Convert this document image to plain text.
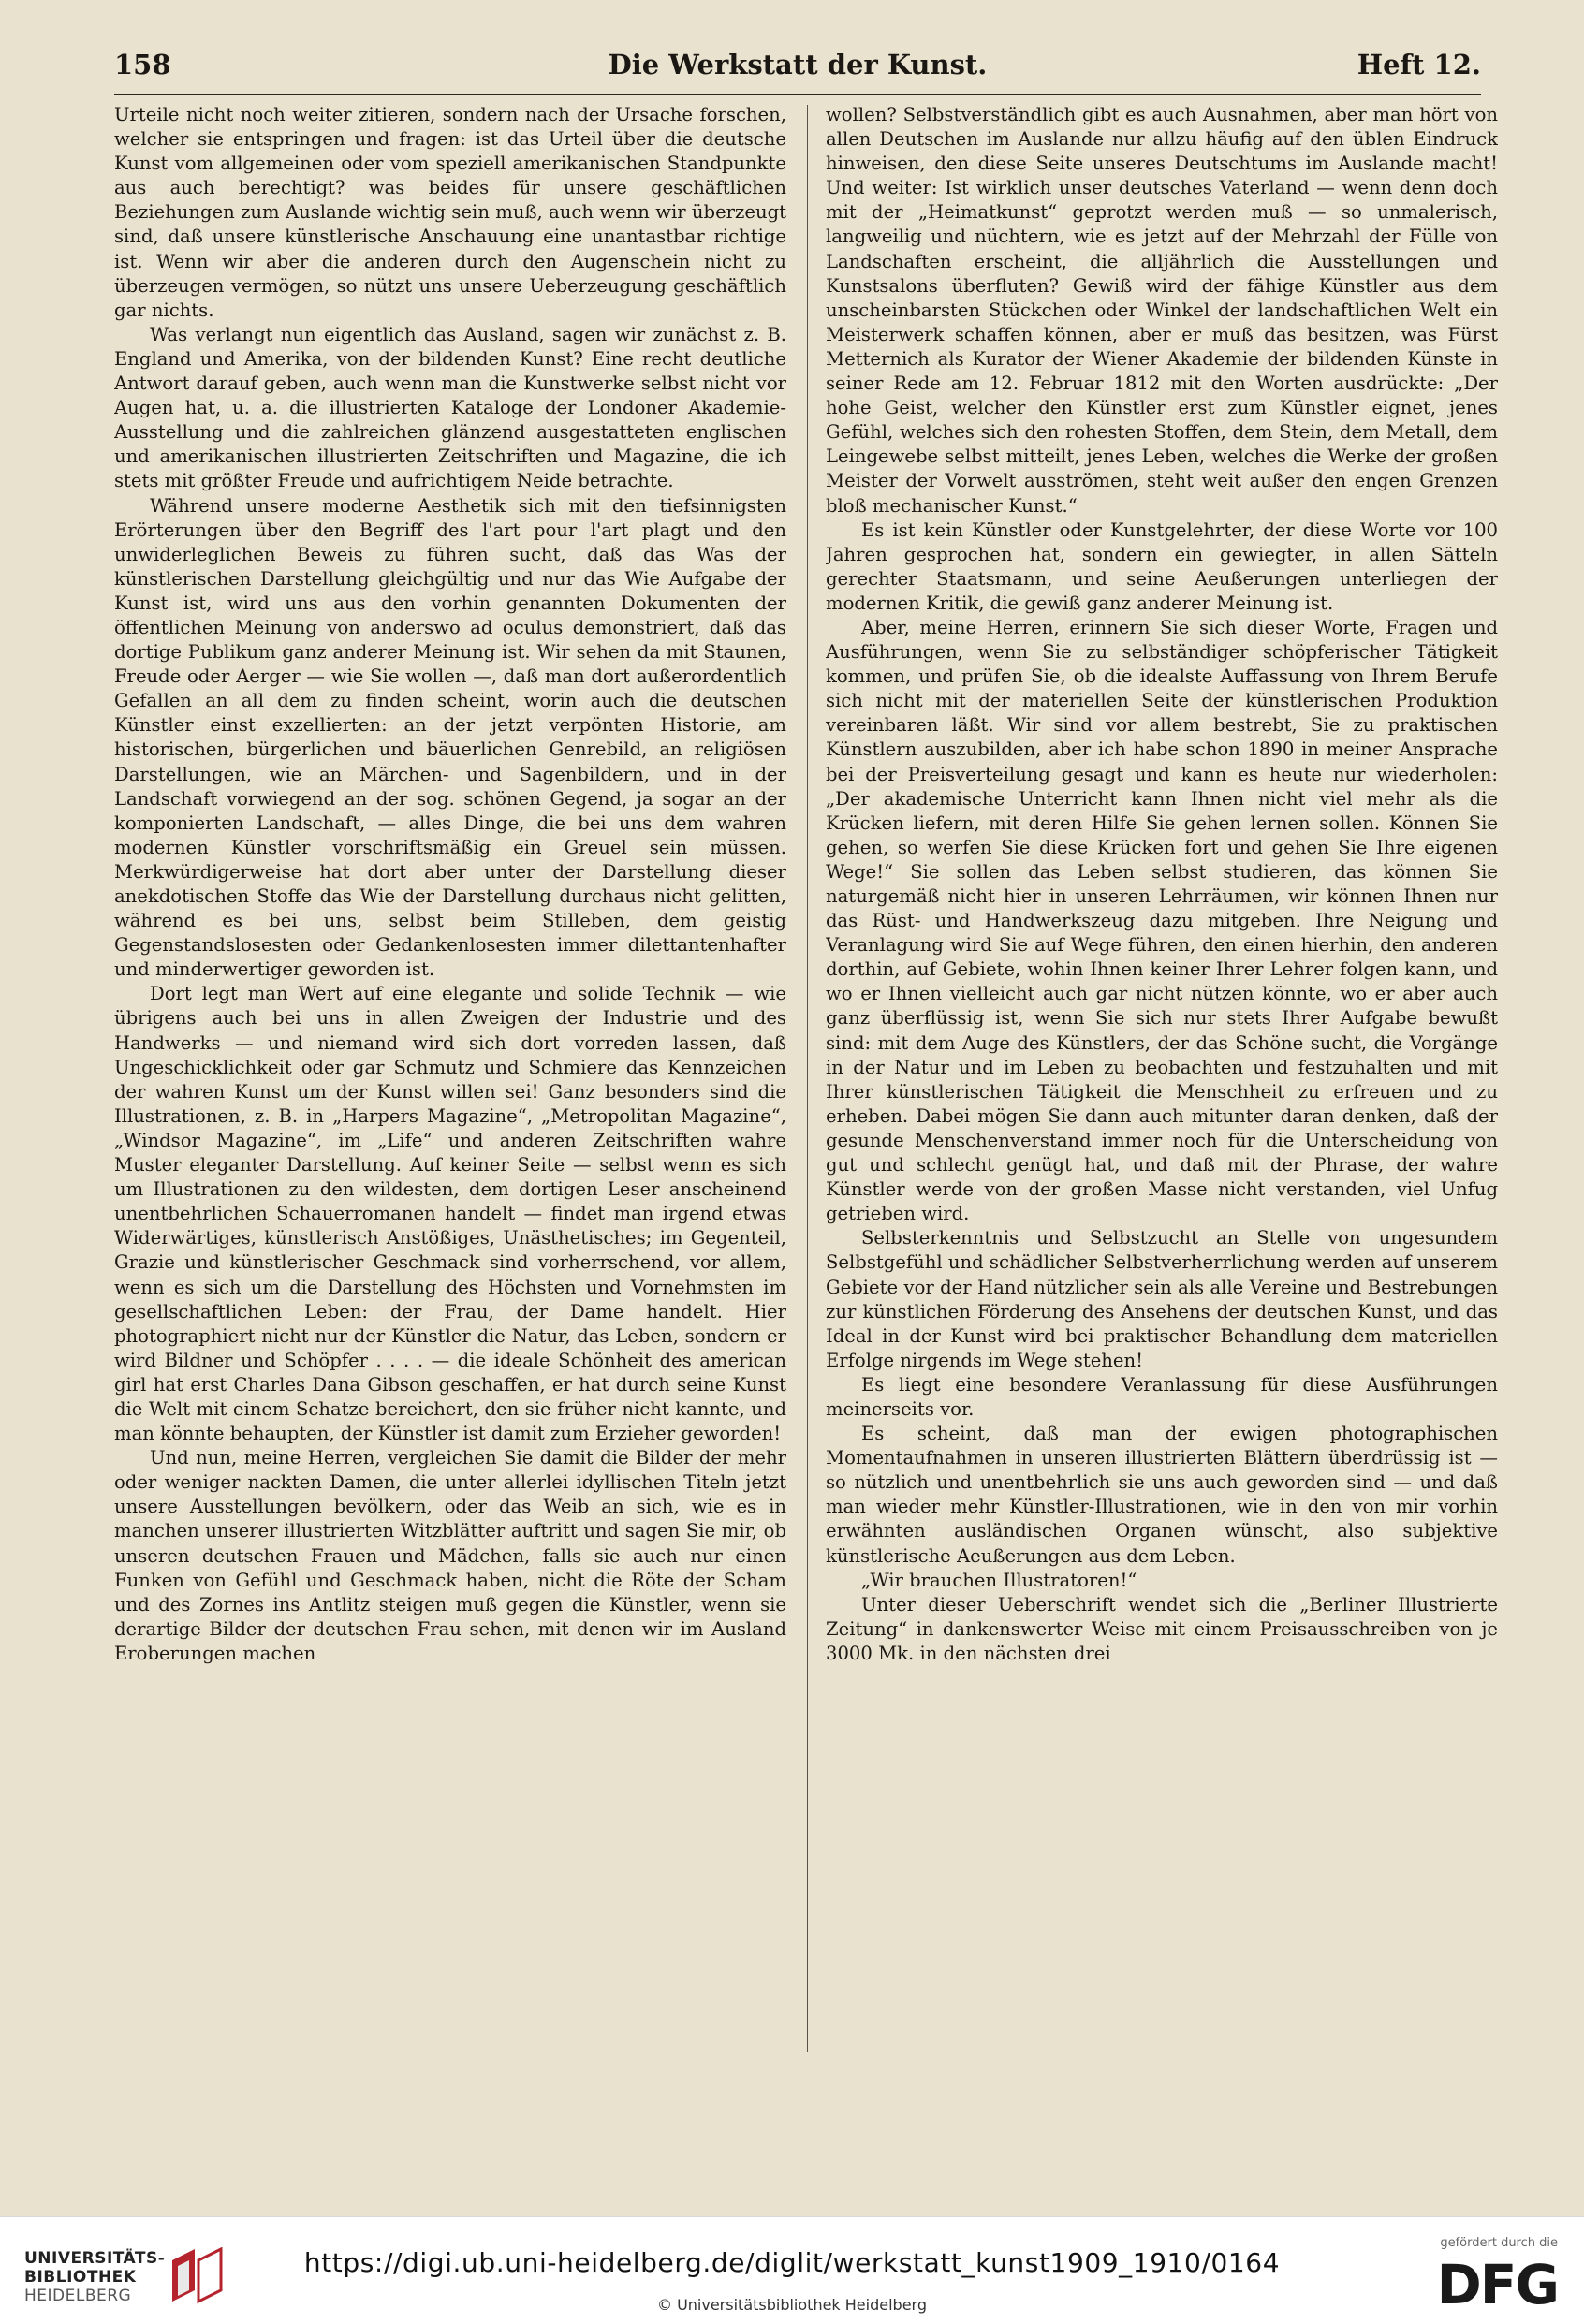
158	Die Werkstatt der Kunst.	Heft 12.

Urteile nicht noch weiter zitieren, sondern nach der Ursache forschen, welcher sie entspringen und fragen: ist das Urteil über die deutsche Kunst vom allgemeinen oder vom speziell amerikanischen Standpunkte aus auch berechtigt? was beides für unsere geschäftlichen Beziehungen zum Auslande wichtig sein muß, auch wenn wir überzeugt sind, daß unsere künstlerische Anschauung eine unantastbar richtige ist. Wenn wir aber die anderen durch den Augenschein nicht zu überzeugen vermögen, so nützt uns unsere Ueberzeugung geschäftlich gar nichts.

Was verlangt nun eigentlich das Ausland, sagen wir zunächst z. B. England und Amerika, von der bildenden Kunst? Eine recht deutliche Antwort darauf geben, auch wenn man die Kunstwerke selbst nicht vor Augen hat, u. a. die illustrierten Kataloge der Londoner Akademie-Ausstellung und die zahlreichen glänzend ausgestatteten englischen und amerikanischen illustrierten Zeitschriften und Magazine, die ich stets mit größter Freude und aufrichtigem Neide betrachte.

Während unsere moderne Aesthetik sich mit den tiefsinnigsten Erörterungen über den Begriff des l'art pour l'art plagt und den unwiderleglichen Beweis zu führen sucht, daß das Was der künstlerischen Darstellung gleichgültig und nur das Wie Aufgabe der Kunst ist, wird uns aus den vorhin genannten Dokumenten der öffentlichen Meinung von anderswo ad oculus demonstriert, daß das dortige Publikum ganz anderer Meinung ist. Wir sehen da mit Staunen, Freude oder Aerger — wie Sie wollen —, daß man dort außerordentlich Gefallen an all dem zu finden scheint, worin auch die deutschen Künstler einst exzellierten: an der jetzt verpönten Historie, am historischen, bürgerlichen und bäuerlichen Genrebild, an religiösen Darstellungen, wie an Märchen- und Sagenbildern, und in der Landschaft vorwiegend an der sog. schönen Gegend, ja sogar an der komponierten Landschaft, — alles Dinge, die bei uns dem wahren modernen Künstler vorschriftsmäßig ein Greuel sein müssen. Merkwürdigerweise hat dort aber unter der Darstellung dieser anekdotischen Stoffe das Wie der Darstellung durchaus nicht gelitten, während es bei uns, selbst beim Stilleben, dem geistig Gegenstandslosesten oder Gedankenlosesten immer dilettantenhafter und minderwertiger geworden ist.

Dort legt man Wert auf eine elegante und solide Technik — wie übrigens auch bei uns in allen Zweigen der Industrie und des Handwerks — und niemand wird sich dort vorreden lassen, daß Ungeschicklichkeit oder gar Schmutz und Schmiere das Kennzeichen der wahren Kunst um der Kunst willen sei! Ganz besonders sind die Illustrationen, z. B. in „Harpers Magazine“, „Metropolitan Magazine“, „Windsor Magazine“, im „Life“ und anderen Zeitschriften wahre Muster eleganter Darstellung. Auf keiner Seite — selbst wenn es sich um Illustrationen zu den wildesten, dem dortigen Leser anscheinend unentbehrlichen Schauerromanen handelt — findet man irgend etwas Widerwärtiges, künstlerisch Anstößiges, Unästhetisches; im Gegenteil, Grazie und künstlerischer Geschmack sind vorherrschend, vor allem, wenn es sich um die Darstellung des Höchsten und Vornehmsten im gesellschaftlichen Leben: der Frau, der Dame handelt. Hier photographiert nicht nur der Künstler die Natur, das Leben, sondern er wird Bildner und Schöpfer . . . . — die ideale Schönheit des american girl hat erst Charles Dana Gibson geschaffen, er hat durch seine Kunst die Welt mit einem Schatze bereichert, den sie früher nicht kannte, und man könnte behaupten, der Künstler ist damit zum Erzieher geworden!

Und nun, meine Herren, vergleichen Sie damit die Bilder der mehr oder weniger nackten Damen, die unter allerlei idyllischen Titeln jetzt unsere Ausstellungen bevölkern, oder das Weib an sich, wie es in manchen unserer illustrierten Witzblätter auftritt und sagen Sie mir, ob unseren deutschen Frauen und Mädchen, falls sie auch nur einen Funken von Gefühl und Geschmack haben, nicht die Röte der Scham und des Zornes ins Antlitz steigen muß gegen die Künstler, wenn sie derartige Bilder der deutschen Frau sehen, mit denen wir im Ausland Eroberungen machen

wollen? Selbstverständlich gibt es auch Ausnahmen, aber man hört von allen Deutschen im Auslande nur allzu häufig auf den üblen Eindruck hinweisen, den diese Seite unseres Deutschtums im Auslande macht! Und weiter: Ist wirklich unser deutsches Vaterland — wenn denn doch mit der „Heimatkunst“ geprotzt werden muß — so unmalerisch, langweilig und nüchtern, wie es jetzt auf der Mehrzahl der Fülle von Landschaften erscheint, die alljährlich die Ausstellungen und Kunstsalons überfluten? Gewiß wird der fähige Künstler aus dem unscheinbarsten Stückchen oder Winkel der landschaftlichen Welt ein Meisterwerk schaffen können, aber er muß das besitzen, was Fürst Metternich als Kurator der Wiener Akademie der bildenden Künste in seiner Rede am 12. Februar 1812 mit den Worten ausdrückte: „Der hohe Geist, welcher den Künstler erst zum Künstler eignet, jenes Gefühl, welches sich den rohesten Stoffen, dem Stein, dem Metall, dem Leingewebe selbst mitteilt, jenes Leben, welches die Werke der großen Meister der Vorwelt ausströmen, steht weit außer den engen Grenzen bloß mechanischer Kunst.“

Es ist kein Künstler oder Kunstgelehrter, der diese Worte vor 100 Jahren gesprochen hat, sondern ein gewiegter, in allen Sätteln gerechter Staatsmann, und seine Aeußerungen unterliegen der modernen Kritik, die gewiß ganz anderer Meinung ist.

Aber, meine Herren, erinnern Sie sich dieser Worte, Fragen und Ausführungen, wenn Sie zu selbständiger schöpferischer Tätigkeit kommen, und prüfen Sie, ob die idealste Auffassung von Ihrem Berufe sich nicht mit der materiellen Seite der künstlerischen Produktion vereinbaren läßt. Wir sind vor allem bestrebt, Sie zu praktischen Künstlern auszubilden, aber ich habe schon 1890 in meiner Ansprache bei der Preisverteilung gesagt und kann es heute nur wiederholen: „Der akademische Unterricht kann Ihnen nicht viel mehr als die Krücken liefern, mit deren Hilfe Sie gehen lernen sollen. Können Sie gehen, so werfen Sie diese Krücken fort und gehen Sie Ihre eigenen Wege!“ Sie sollen das Leben selbst studieren, das können Sie naturgemäß nicht hier in unseren Lehrräumen, wir können Ihnen nur das Rüst- und Handwerkszeug dazu mitgeben. Ihre Neigung und Veranlagung wird Sie auf Wege führen, den einen hierhin, den anderen dorthin, auf Gebiete, wohin Ihnen keiner Ihrer Lehrer folgen kann, und wo er Ihnen vielleicht auch gar nicht nützen könnte, wo er aber auch ganz überflüssig ist, wenn Sie sich nur stets Ihrer Aufgabe bewußt sind: mit dem Auge des Künstlers, der das Schöne sucht, die Vorgänge in der Natur und im Leben zu beobachten und festzuhalten und mit Ihrer künstlerischen Tätigkeit die Menschheit zu erfreuen und zu erheben. Dabei mögen Sie dann auch mitunter daran denken, daß der gesunde Menschenverstand immer noch für die Unterscheidung von gut und schlecht genügt hat, und daß mit der Phrase, der wahre Künstler werde von der großen Masse nicht verstanden, viel Unfug getrieben wird.

Selbsterkenntnis und Selbstzucht an Stelle von ungesundem Selbstgefühl und schädlicher Selbstverherrlichung werden auf unserem Gebiete vor der Hand nützlicher sein als alle Vereine und Bestrebungen zur künstlichen Förderung des Ansehens der deutschen Kunst, und das Ideal in der Kunst wird bei praktischer Behandlung dem materiellen Erfolge nirgends im Wege stehen!

Es liegt eine besondere Veranlassung für diese Ausführungen meinerseits vor.

Es scheint, daß man der ewigen photographischen Momentaufnahmen in unseren illustrierten Blättern überdrüssig ist — so nützlich und unentbehrlich sie uns auch geworden sind — und daß man wieder mehr Künstler-Illustrationen, wie in den von mir vorhin erwähnten ausländischen Organen wünscht, also subjektive künstlerische Aeußerungen aus dem Leben.

„Wir brauchen Illustratoren!“

Unter dieser Ueberschrift wendet sich die „Berliner Illustrierte Zeitung“ in dankenswerter Weise mit einem Preisausschreiben von je 3000 Mk. in den nächsten drei

UNIVERSITÄTS-
BIBLIOTHEK
HEIDELBERG
https://digi.ub.uni-heidelberg.de/diglit/werkstatt_kunst1909_1910/0164
© Universitätsbibliothek Heidelberg
gefördert durch die
DFG
